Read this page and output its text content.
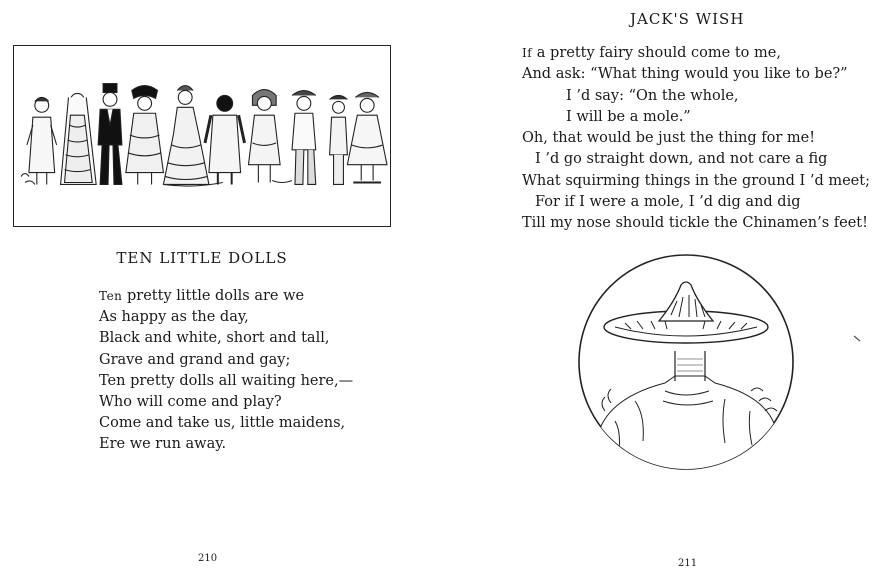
TEN LITTLE DOLLS
Ten pretty little dolls are we
As happy as the day,
Black and white, short and tall,
Grave and grand and gay;
Ten pretty dolls all waiting here,—
Who will come and play?
Come and take us, little maidens,
Ere we run away.
210
JACK'S WISH
If a pretty fairy should come to me,
And ask: “What thing would you like to be?”
I ’d say: “On the whole,
I will be a mole.”
Oh, that would be just the thing for me!
I ’d go straight down, and not care a fig
What squirming things in the ground I ’d meet;
For if I were a mole, I ’d dig and dig
Till my nose should tickle the Chinamen’s feet!
211
